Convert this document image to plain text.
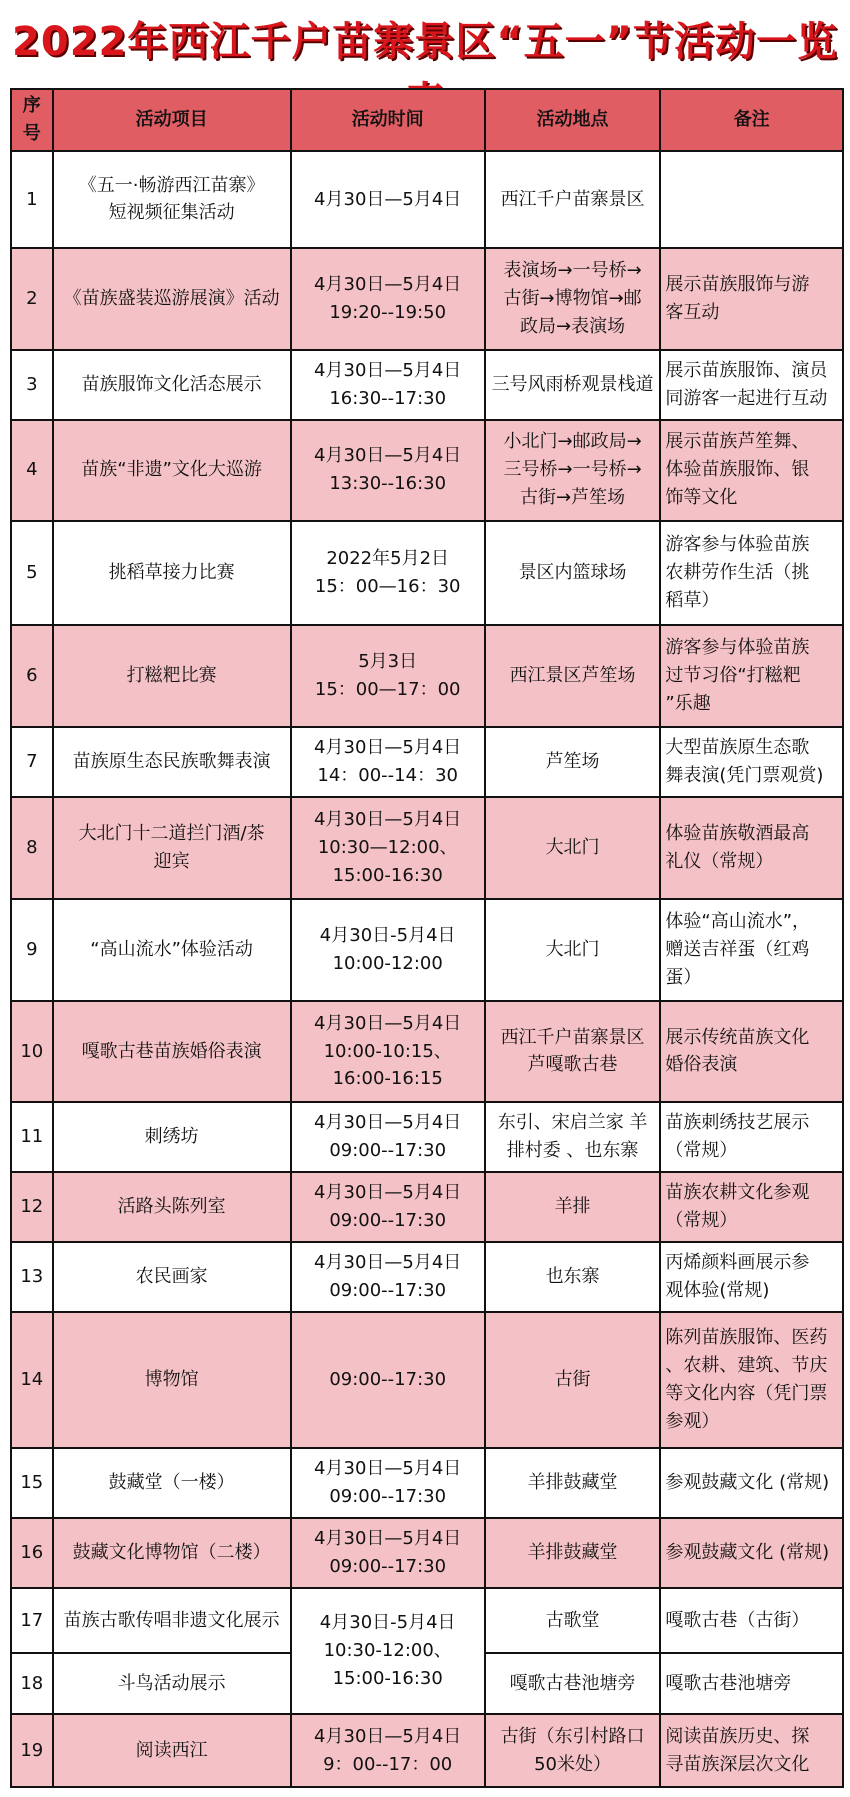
2022年西江千户苗寨景区“五一”节活动一览
序号	活动项目	活动时间	活动地点	备注
1	《五一·畅游西江苗寨》
短视频征集活动	4月30日—5月4日	西江千户苗寨景区	

2	《苗族盛装巡游展演》活动	4月30日—5月4日
19:20--19:50	表演场→一号桥→
古街→博物馆→邮
政局→表演场	展示苗族服饰与游
客互动

3	苗族服饰文化活态展示	4月30日—5月4日
16:30--17:30	三号风雨桥观景栈道	展示苗族服饰、演员
同游客一起进行互动

4	苗族“非遗”文化大巡游	4月30日—5月4日
13:30--16:30	小北门→邮政局→
三号桥→一号桥→
古街→芦笙场	展示苗族芦笙舞、
体验苗族服饰、银
饰等文化

5	挑稻草接力比赛	2022年5月2日
15：00—16：30	景区内篮球场	游客参与体验苗族
农耕劳作生活（挑
稻草）

6	打糍粑比赛	5月3日
15：00—17：00	西江景区芦笙场	游客参与体验苗族
过节习俗“打糍粑
”乐趣

7	苗族原生态民族歌舞表演	4月30日—5月4日
14：00--14：30	芦笙场	大型苗族原生态歌
舞表演(凭门票观赏)

8	大北门十二道拦门酒/茶
迎宾	4月30日—5月4日
10:30—12:00、
15:00-16:30	大北门	体验苗族敬酒最高
礼仪（常规）

9	“高山流水”体验活动	4月30日-5月4日
10:00-12:00	大北门	体验“高山流水”，
赠送吉祥蛋（红鸡
蛋）

10	嘎歌古巷苗族婚俗表演	4月30日—5月4日
10:00-10:15、
16:00-16:15	西江千户苗寨景区
芦嘎歌古巷	展示传统苗族文化
婚俗表演

11	刺绣坊	4月30日—5月4日
09:00--17:30	东引、宋启兰家 羊
排村委 、也东寨	苗族刺绣技艺展示
（常规）

12	活路头陈列室	4月30日—5月4日
09:00--17:30	羊排	苗族农耕文化参观
（常规）

13	农民画家	4月30日—5月4日
09:00--17:30	也东寨	丙烯颜料画展示参
观体验(常规)

14	博物馆	09:00--17:30	古街	陈列苗族服饰、医药
、农耕、建筑、节庆
等文化内容（凭门票
参观）

15	鼓藏堂（一楼）	4月30日—5月4日
09:00--17:30	羊排鼓藏堂	参观鼓藏文化 (常规)

16	鼓藏文化博物馆（二楼）	4月30日—5月4日
09:00--17:30	羊排鼓藏堂	参观鼓藏文化 (常规)

17	苗族古歌传唱非遗文化展示	4月30日-5月4日
10:30-12:00、
15:00-16:30	古歌堂	嘎歌古巷（古街）

18	斗鸟活动展示		嘎歌古巷池塘旁	嘎歌古巷池塘旁

19	阅读西江	4月30日—5月4日
9：00--17：00	古街（东引村路口
50米处）	阅读苗族历史、探
寻苗族深层次文化
